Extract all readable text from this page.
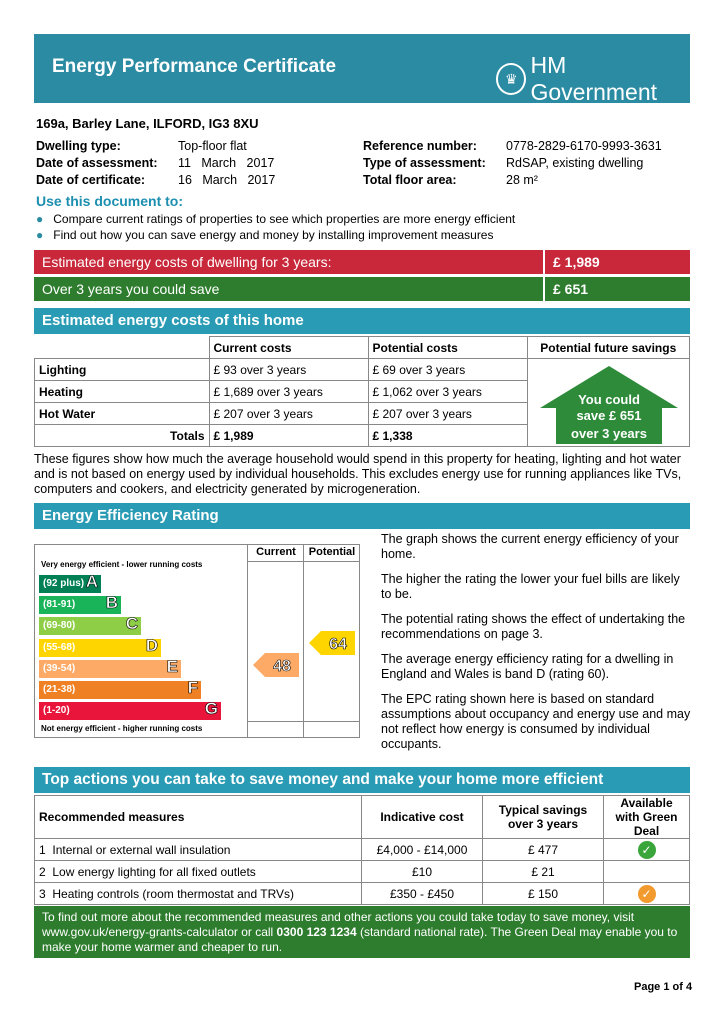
Energy Performance Certificate
♛
HM Government
169a, Barley Lane, ILFORD, IG3 8XU
Dwelling type:	Top-floor flat
Date of assessment: 11   March   2017
Date of certificate:	16   March   2017
Reference number: 0778-2829-6170-9993-3631
Type of assessment: RdSAP, existing dwelling
Total floor area:	28 m²
Use this document to:
● Compare current ratings of properties to see which properties are more energy efficient
● Find out how you can save energy and money by installing improvement measures
Estimated energy costs of dwelling for 3 years:	£ 1,989
Over 3 years you could save	£ 651
Estimated energy costs of this home
	Current costs	Potential costs	Potential future savings
Lighting	£ 93 over 3 years	£ 69 over 3 years	
Heating	£ 1,689 over 3 years	£ 1,062 over 3 years	
Hot Water	£ 207 over 3 years	£ 207 over 3 years	
Totals	£ 1,989	£ 1,338	
You could
save £ 651
over 3 years
These figures show how much the average household would spend in this property for heating, lighting and hot water and is not based on energy used by individual households. This excludes energy use for running appliances like TVs, computers and cookers, and electricity generated by microgeneration.
Energy Efficiency Rating
Current	Potential
Very energy efficient - lower running costs
Not energy efficient - higher running costs
(92 plus) A
(81-91) B
(69-80)	C
(55-68)	D
(39-54)	E
(21-38)	F
(1-20)	G
48
64
The graph shows the current energy efficiency of your home.
The higher the rating the lower your fuel bills are likely to be.
The potential rating shows the effect of undertaking the recommendations on page 3.
The average energy efficiency rating for a dwelling in England and Wales is band D (rating 60).
The EPC rating shown here is based on standard assumptions about occupancy and energy use and may not reflect how energy is consumed by individual occupants.
Top actions you can take to save money and make your home more efficient
Recommended measures	Indicative cost	Typical savings over 3 years	Available with Green Deal
1 Internal or external wall insulation	£4,000 - £14,000	£ 477	✓
2 Low energy lighting for all fixed outlets	£10	£ 21	
3 Heating controls (room thermostat and TRVs)	£350 - £450	£ 150	✓
To find out more about the recommended measures and other actions you could take today to save money, visit www.gov.uk/energy-grants-calculator or call 0300 123 1234 (standard national rate). The Green Deal may enable you to make your home warmer and cheaper to run.
Page 1 of 4
